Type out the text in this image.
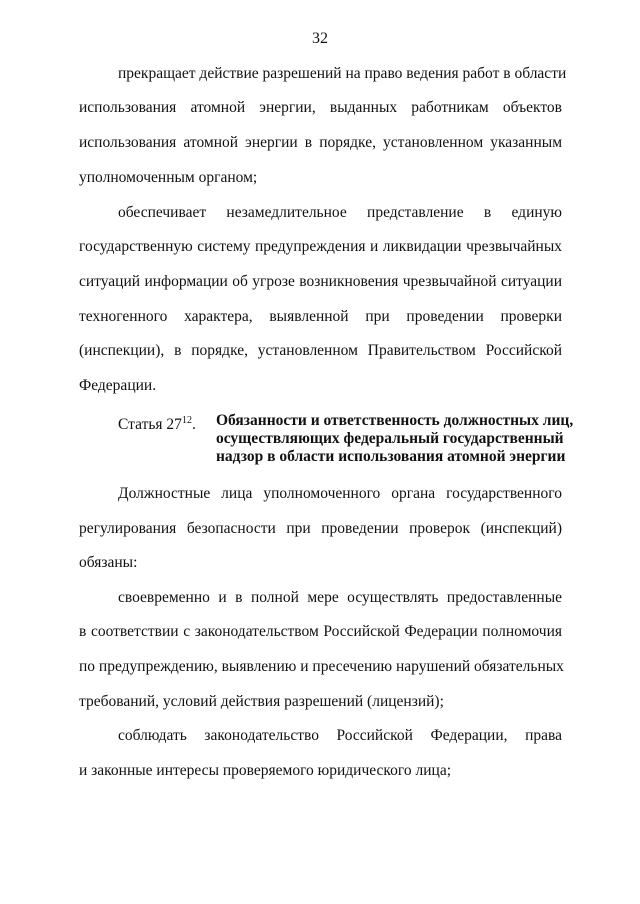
32
прекращает действие разрешений на право ведения работ в области
использования атомной энергии, выданных работникам объектов
использования атомной энергии в порядке, установленном указанным
уполномоченным органом;
обеспечивает незамедлительное представление в единую
государственную систему предупреждения и ликвидации чрезвычайных
ситуаций информации об угрозе возникновения чрезвычайной ситуации
техногенного характера, выявленной при проведении проверки
(инспекции), в порядке, установленном Правительством Российской
Федерации.
Статья $27^{12}$. Обязанности и ответственность должностных лиц,
осуществляющих федеральный государственный
надзор в области использования атомной энергии
Должностные лица уполномоченного органа государственного
регулирования безопасности при проведении проверок (инспекций)
обязаны:
своевременно и в полной мере осуществлять предоставленные
в соответствии с законодательством Российской Федерации полномочия
по предупреждению, выявлению и пресечению нарушений обязательных
требований, условий действия разрешений (лицензий);
соблюдать законодательство Российской Федерации, права
и законные интересы проверяемого юридического лица;
